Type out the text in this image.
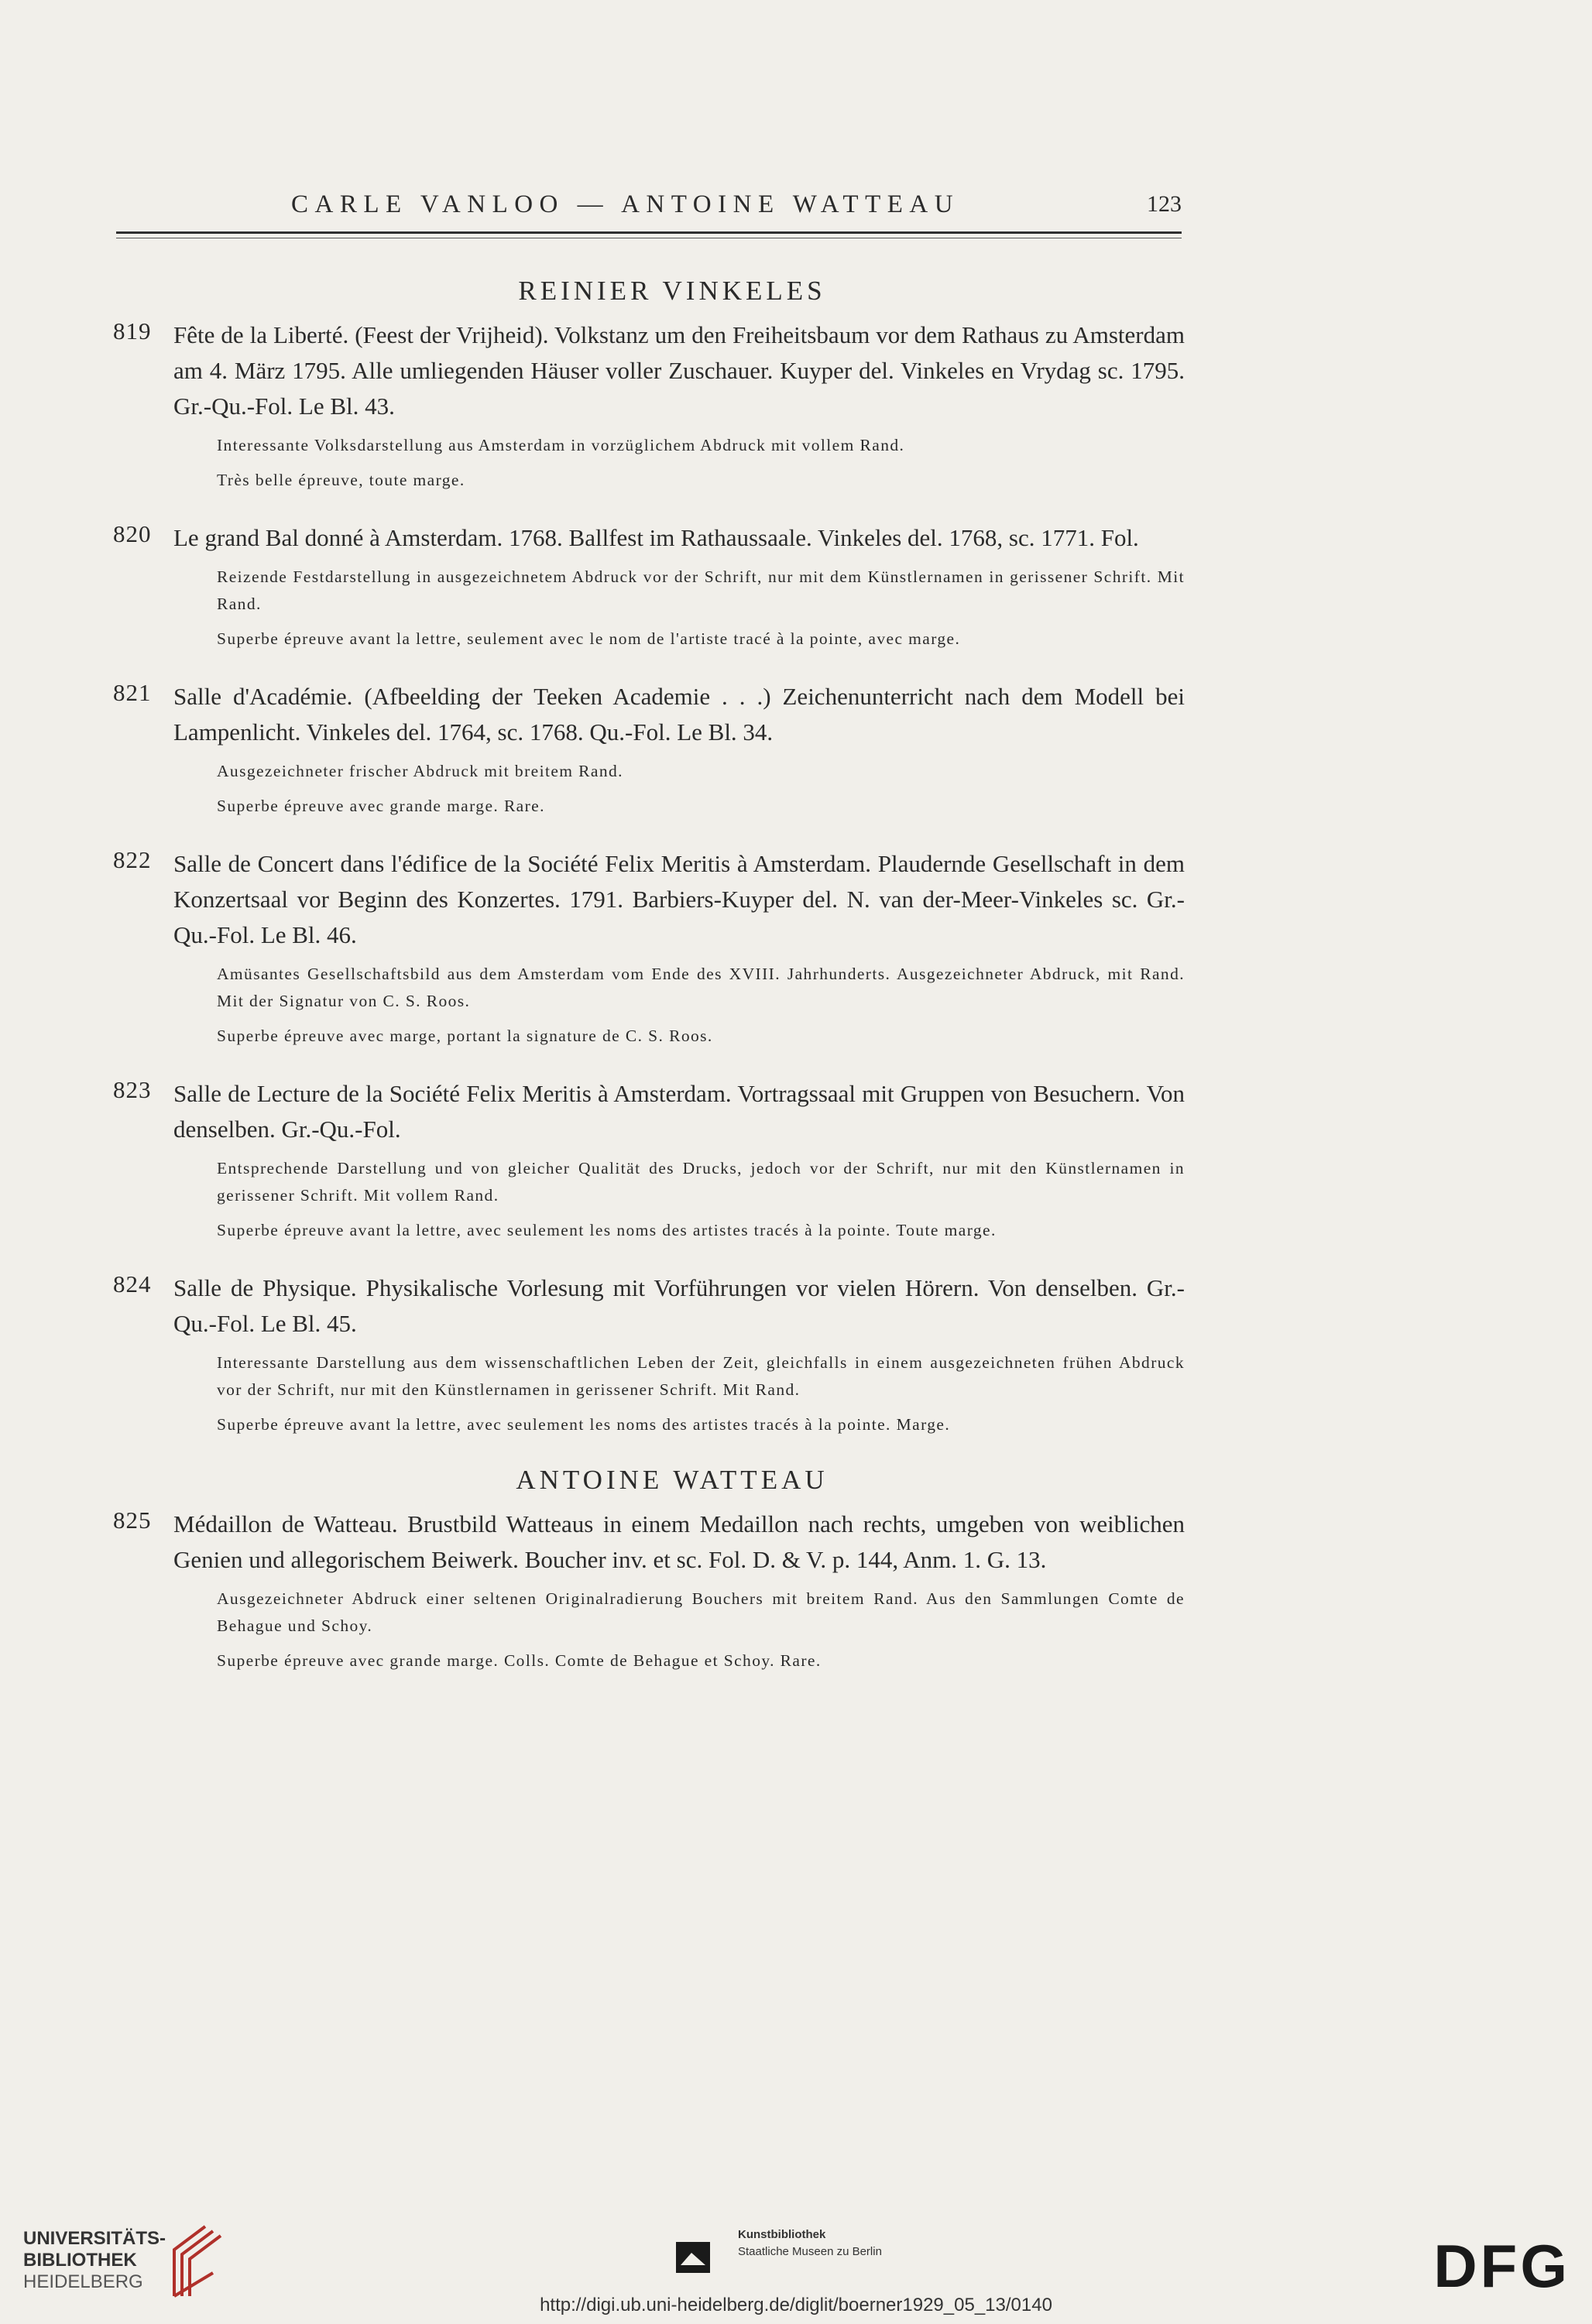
CARLE VANLOO — ANTOINE WATTEAU	123
REINIER VINKELES
819 Fête de la Liberté. (Feest der Vrijheid). Volkstanz um den Freiheitsbaum vor dem Rathaus zu Amsterdam am 4. März 1795. Alle umliegenden Häuser voller Zuschauer. Kuyper del. Vinkeles en Vrydag sc. 1795. Gr.-Qu.-Fol. Le Bl. 43.

Interessante Volksdarstellung aus Amsterdam in vorzüglichem Abdruck mit vollem Rand.

Très belle épreuve, toute marge.

820 Le grand Bal donné à Amsterdam. 1768. Ballfest im Rathaussaale. Vinkeles del. 1768, sc. 1771. Fol.

Reizende Festdarstellung in ausgezeichnetem Abdruck vor der Schrift, nur mit dem Künstlernamen in gerissener Schrift. Mit Rand.

Superbe épreuve avant la lettre, seulement avec le nom de l'artiste tracé à la pointe, avec marge.

821 Salle d'Académie. (Afbeelding der Teeken Academie . . .) Zeichenunterricht nach dem Modell bei Lampenlicht. Vinkeles del. 1764, sc. 1768. Qu.-Fol. Le Bl. 34.

Ausgezeichneter frischer Abdruck mit breitem Rand.

Superbe épreuve avec grande marge. Rare.

822 Salle de Concert dans l'édifice de la Société Felix Meritis à Amsterdam. Plaudernde Gesellschaft in dem Konzertsaal vor Beginn des Konzertes. 1791. Barbiers-Kuyper del. N. van der-Meer-Vinkeles sc. Gr.-Qu.-Fol. Le Bl. 46.

Amüsantes Gesellschaftsbild aus dem Amsterdam vom Ende des XVIII. Jahrhunderts. Ausgezeichneter Abdruck, mit Rand. Mit der Signatur von C. S. Roos.

Superbe épreuve avec marge, portant la signature de C. S. Roos.

823 Salle de Lecture de la Société Felix Meritis à Amsterdam. Vortragssaal mit Gruppen von Besuchern. Von denselben. Gr.-Qu.-Fol.

Entsprechende Darstellung und von gleicher Qualität des Drucks, jedoch vor der Schrift, nur mit den Künstlernamen in gerissener Schrift. Mit vollem Rand.

Superbe épreuve avant la lettre, avec seulement les noms des artistes tracés à la pointe. Toute marge.

824 Salle de Physique. Physikalische Vorlesung mit Vorführungen vor vielen Hörern. Von denselben. Gr.-Qu.-Fol. Le Bl. 45.

Interessante Darstellung aus dem wissenschaftlichen Leben der Zeit, gleichfalls in einem ausgezeichneten frühen Abdruck vor der Schrift, nur mit den Künstlernamen in gerissener Schrift. Mit Rand.

Superbe épreuve avant la lettre, avec seulement les noms des artistes tracés à la pointe. Marge.

ANTOINE WATTEAU
825 Médaillon de Watteau. Brustbild Watteaus in einem Medaillon nach rechts, umgeben von weiblichen Genien und allegorischem Beiwerk. Boucher inv. et sc. Fol. D. & V. p. 144, Anm. 1. G. 13.

Ausgezeichneter Abdruck einer seltenen Originalradierung Bouchers mit breitem Rand. Aus den Sammlungen Comte de Behague und Schoy.

Superbe épreuve avec grande marge. Colls. Comte de Behague et Schoy. Rare.

UNIVERSITÄTS-
BIBLIOTHEK
HEIDELBERG
Kunstbibliothek
Staatliche Museen zu Berlin	DFG
http://digi.ub.uni-heidelberg.de/diglit/boerner1929_05_13/0140
